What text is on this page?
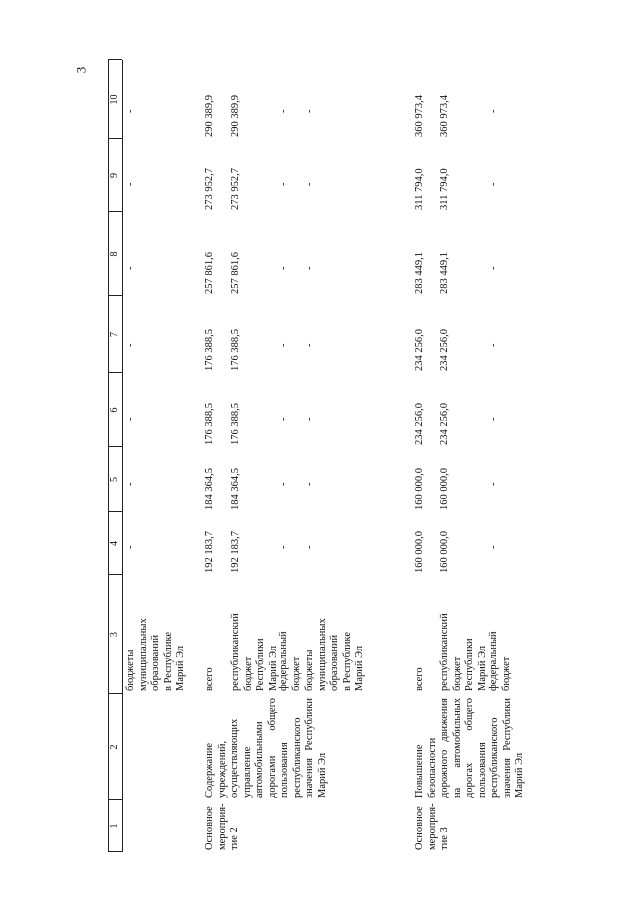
3
1
2
3
4
5
6
7
8
9
10
бюджеты
муниципальных
образований
в Республике
Марий Эл
-
-
-
-
-
-
-
Основное
мероприя-
тие 2
Содержание учреждений, осуществляющих управление автомобильными дорогами общего пользования республиканского значения Республики Марий Эл
всего
192 183,7
184 364,5
176 388,5
176 388,5
257 861,6
273 952,7
290 389,9
республиканский
бюджет
Республики
Марий Эл
192 183,7
184 364,5
176 388,5
176 388,5
257 861,6
273 952,7
290 389,9
федеральный
бюджет
-
-
-
-
-
-
-
бюджеты
муниципальных
образований
в Республике
Марий Эл
-
-
-
-
-
-
-
Основное
мероприя-
тие 3
Повышение безопасности дорожного движения на автомобильных дорогах общего пользования республиканского значения Республики Марий Эл
всего
160 000,0
160 000,0
234 256,0
234 256,0
283 449,1
311 794,0
360 973,4
республиканский
бюджет
Республики
Марий Эл
160 000,0
160 000,0
234 256,0
234 256,0
283 449,1
311 794,0
360 973,4
федеральный
бюджет
-
-
-
-
-
-
-
